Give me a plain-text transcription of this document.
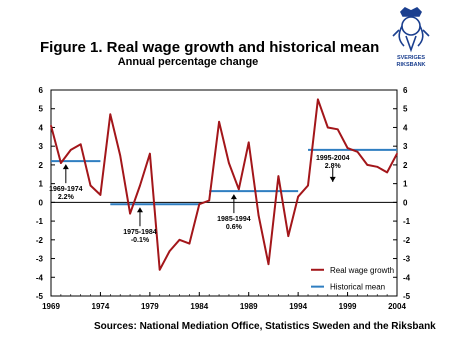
Figure 1. Real wage growth and historical mean
Annual percentage change	SVERIGES
RIKSBANK
6	6
5	5
4	4
3	3
2	2
1	1
0	0
-1	-1
-2	-2
-3	-3
-4	-4
-5	-5
1969	1974	1979	1984	1989	1994	1999	2004
1969-1974
2.2%
1975-1984
-0.1%
1985-1994
0.6%
1995-2004
2.8%
Real wage growth
Historical mean
Sources: National Mediation Office, Statistics Sweden and the Riksbank
